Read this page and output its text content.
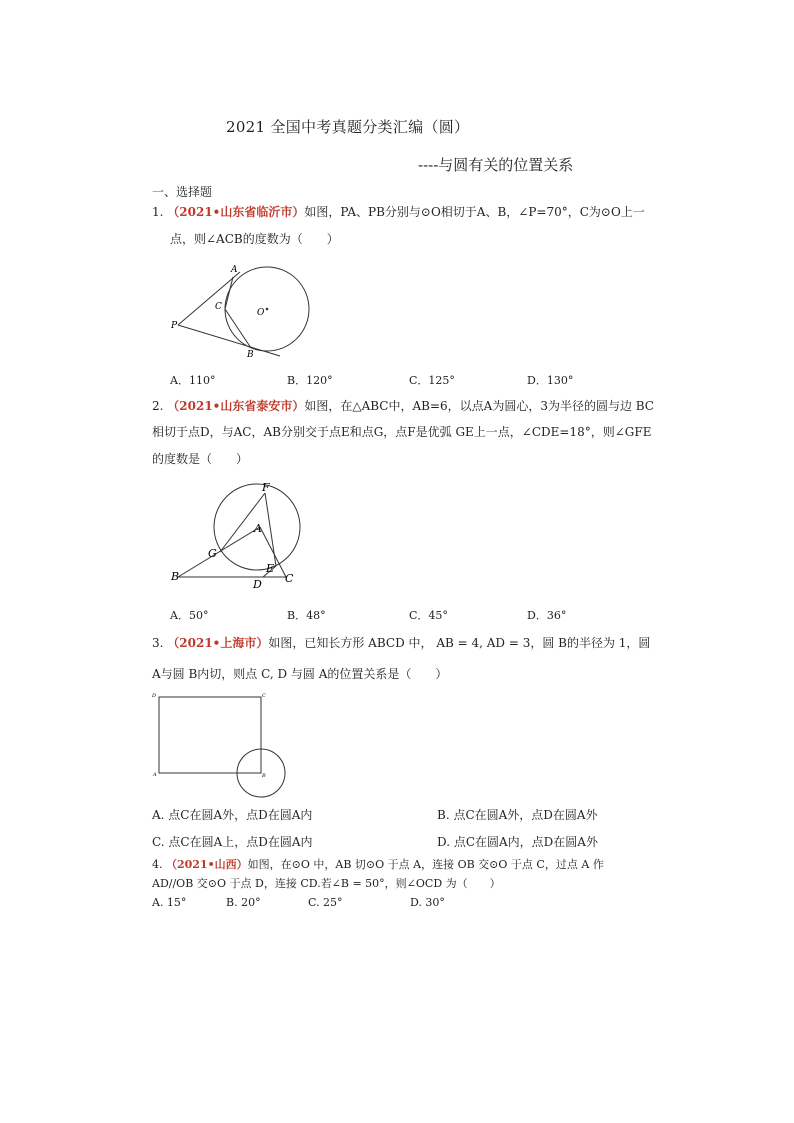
2021 全国中考真题分类汇编（圆）
----与圆有关的位置关系
一、选择题
1. （2021•山东省临沂市）如图，PA、PB分别与⊙O相切于A、B，∠P=70°，C为⊙O上一
点，则∠ACB的度数为（　　）
A
C
O
P
B
A．110°	B．120°	C．125°	D．130°
2. （2021•山东省泰安市）如图，在△ABC中，AB=6，以点A为圆心，3为半径的圆与边 BC
相切于点D，与AC，AB分别交于点E和点G，点F是优弧 GE上一点，∠CDE=18°，则∠GFE
的度数是（　　）
F
A
G
E
B
D C
A．50°	B．48°	C．45°	D．36°
3. （2021•上海市）如图，已知长方形 ABCD 中， AB = 4, AD = 3，圆 B的半径为 1，圆
A与圆 B内切，则点 C, D 与圆 A的位置关系是（　　）
D	C
A	B
A. 点C在圆A外，点D在圆A内	B. 点C在圆A外，点D在圆A外
C. 点C在圆A上，点D在圆A内	D. 点C在圆A内，点D在圆A外
4. （2021•山西）如图，在⊙O 中，AB 切⊙O 于点 A，连接 OB 交⊙O 于点 C，过点 A 作
AD//OB 交⊙O 于点 D，连接 CD.若∠B = 50°，则∠OCD 为（　　）
A. 15°	B. 20°	C. 25°	D. 30°
